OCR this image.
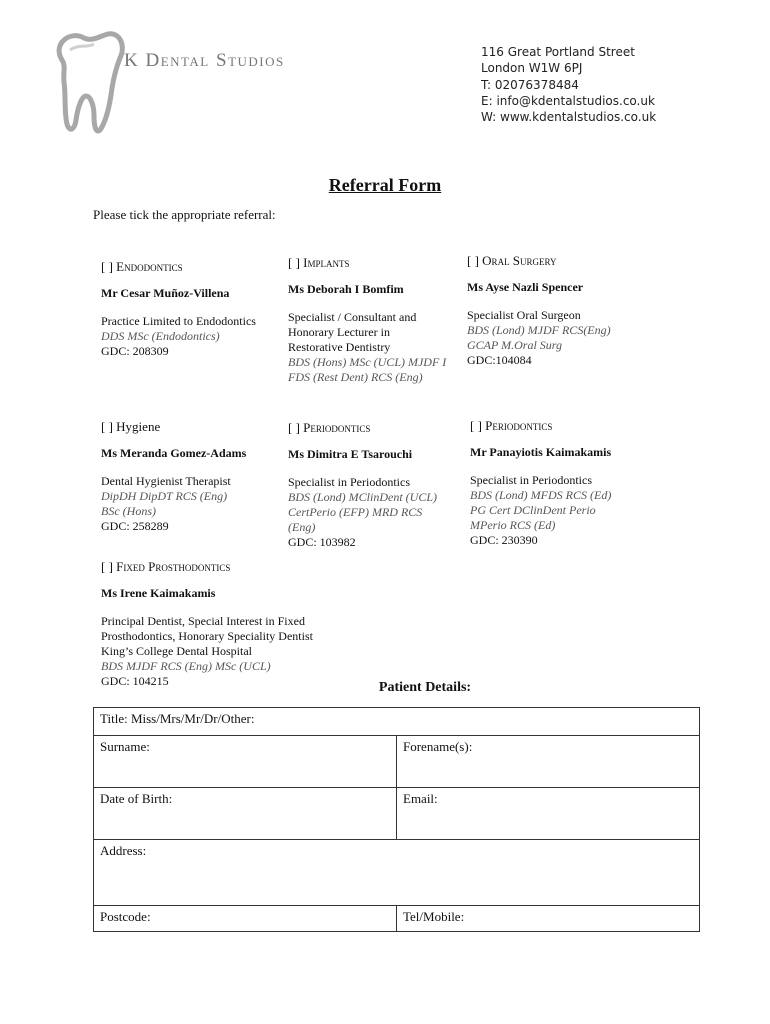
K Dental Studios	116 Great Portland Street
London W1W 6PJ
T: 02076378484
E: info@kdentalstudios.co.uk
W: www.kdentalstudios.co.uk
Referral Form
Please tick the appropriate referral:
[ ] Endodontics
Mr Cesar Muñoz-Villena
Practice Limited to Endodontics
DDS MSc (Endodontics)
GDC: 208309
[ ] Implants
Ms Deborah I Bomfim
Specialist / Consultant and
Honorary Lecturer in
Restorative Dentistry
BDS (Hons) MSc (UCL) MJDF I
FDS (Rest Dent) RCS (Eng)
[ ] Oral Surgery
Ms Ayse Nazli Spencer
Specialist Oral Surgeon
BDS (Lond) MJDF RCS(Eng)
GCAP M.Oral Surg
GDC:104084
[ ] Hygiene
Ms Meranda Gomez-Adams
Dental Hygienist Therapist
DipDH DipDT RCS (Eng)
BSc (Hons)
GDC: 258289
[ ] Periodontics
Ms Dimitra E Tsarouchi
Specialist in Periodontics
BDS (Lond) MClinDent (UCL)
CertPerio (EFP) MRD RCS
(Eng)
GDC: 103982
[ ] Periodontics
Mr Panayiotis Kaimakamis
Specialist in Periodontics
BDS (Lond) MFDS RCS (Ed)
PG Cert DClinDent Perio
MPerio RCS (Ed)
GDC: 230390
[ ] Fixed Prosthodontics
Ms Irene Kaimakamis
Principal Dentist, Special Interest in Fixed
Prosthodontics, Honorary Speciality Dentist
King’s College Dental Hospital
BDS MJDF RCS (Eng) MSc (UCL)
GDC: 104215	Patient Details:
Title: Miss/Mrs/Mr/Dr/Other:	
Surname:	Forename(s):
Date of Birth:	Email:
Address:	
Postcode:	Tel/Mobile:
